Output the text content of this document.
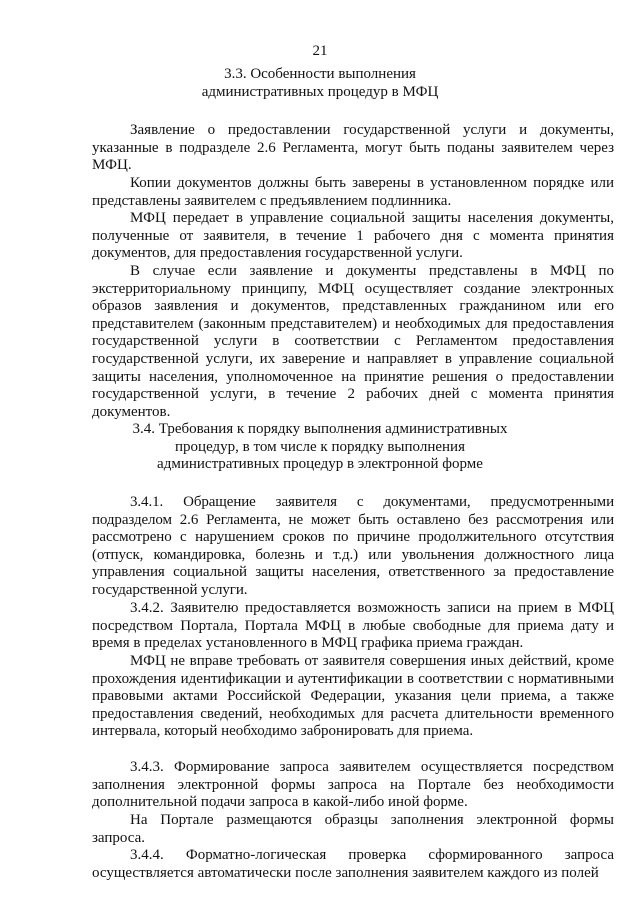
21
3.3. Особенности выполнения
административных процедур в МФЦ

Заявление о предоставлении государственной услуги и документы, указанные в подразделе 2.6 Регламента, могут быть поданы заявителем через МФЦ.

Копии документов должны быть заверены в установленном порядке или представлены заявителем с предъявлением подлинника.

МФЦ передает в управление социальной защиты населения документы, полученные от заявителя, в течение 1 рабочего дня с момента принятия документов, для предоставления государственной услуги.

В случае если заявление и документы представлены в МФЦ по экстерриториальному принципу, МФЦ осуществляет создание электронных образов заявления и документов, представленных гражданином или его представителем (законным представителем) и необходимых для предоставления государственной услуги в соответствии с Регламентом предоставления государственной услуги, их заверение и направляет в управление социальной защиты населения, уполномоченное на принятие решения о предоставлении государственной услуги, в течение 2 рабочих дней с момента принятия документов.

3.4. Требования к порядку выполнения административных
процедур, в том числе к порядку выполнения
административных процедур в электронной форме

3.4.1. Обращение заявителя с документами, предусмотренными подразделом 2.6 Регламента, не может быть оставлено без рассмотрения или рассмотрено с нарушением сроков по причине продолжительного отсутствия (отпуск, командировка, болезнь и т.д.) или увольнения должностного лица управления социальной защиты населения, ответственного за предоставление государственной услуги.

3.4.2. Заявителю предоставляется возможность записи на прием в МФЦ посредством Портала, Портала МФЦ в любые свободные для приема дату и время в пределах установленного в МФЦ графика приема граждан.

МФЦ не вправе требовать от заявителя совершения иных действий, кроме прохождения идентификации и аутентификации в соответствии с нормативными правовыми актами Российской Федерации, указания цели приема, а также предоставления сведений, необходимых для расчета длительности временного интервала, который необходимо забронировать для приема.

3.4.3. Формирование запроса заявителем осуществляется посредством заполнения электронной формы запроса на Портале без необходимости дополнительной подачи запроса в какой-либо иной форме.

На Портале размещаются образцы заполнения электронной формы запроса.

3.4.4. Форматно-логическая проверка сформированного запроса осуществляется автоматически после заполнения заявителем каждого из полей
